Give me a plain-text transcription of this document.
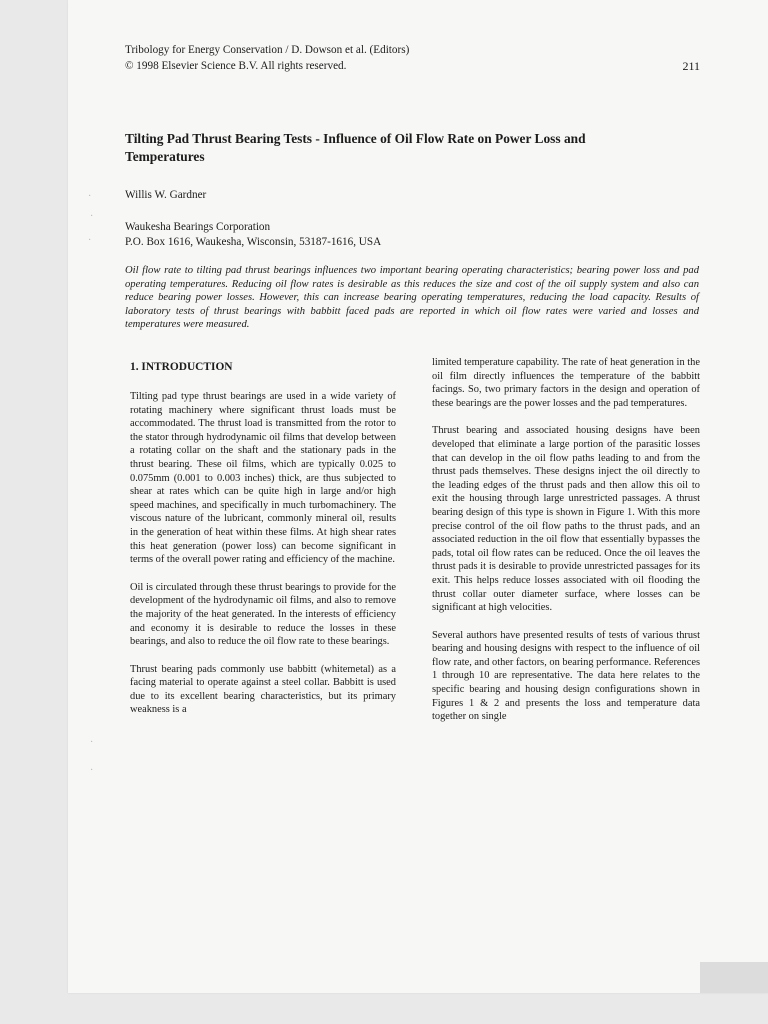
Tribology for Energy Conservation / D. Dowson et al. (Editors)
© 1998 Elsevier Science B.V. All rights reserved.	211
Tilting Pad Thrust Bearing Tests - Influence of Oil Flow Rate on Power Loss and Temperatures
Willis W. Gardner
Waukesha Bearings Corporation
P.O. Box 1616, Waukesha, Wisconsin, 53187-1616, USA

Oil flow rate to tilting pad thrust bearings influences two important bearing operating characteristics; bearing power loss and pad operating temperatures. Reducing oil flow rates is desirable as this reduces the size and cost of the oil supply system and also can reduce bearing power losses. However, this can increase bearing operating temperatures, reducing the load capacity. Results of laboratory tests of thrust bearings with babbitt faced pads are reported in which oil flow rates were varied and losses and temperatures were measured.

1. INTRODUCTION

Tilting pad type thrust bearings are used in a wide variety of rotating machinery where significant thrust loads must be accommodated. The thrust load is transmitted from the rotor to the stator through hydrodynamic oil films that develop between a rotating collar on the shaft and the stationary pads in the thrust bearing. These oil films, which are typically 0.025 to 0.075mm (0.001 to 0.003 inches) thick, are thus subjected to shear at rates which can be quite high in large and/or high speed machines, and specifically in much turbomachinery. The viscous nature of the lubricant, commonly mineral oil, results in the generation of heat within these films. At high shear rates this heat generation (power loss) can become significant in terms of the overall power rating and efficiency of the machine.

Oil is circulated through these thrust bearings to provide for the development of the hydrodynamic oil films, and also to remove the majority of the heat generated. In the interests of efficiency and economy it is desirable to reduce the losses in these bearings, and also to reduce the oil flow rate to these bearings.

Thrust bearing pads commonly use babbitt (whitemetal) as a facing material to operate against a steel collar. Babbitt is used due to its excellent bearing characteristics, but its primary weakness is a

limited temperature capability. The rate of heat generation in the oil film directly influences the temperature of the babbitt facings. So, two primary factors in the design and operation of these bearings are the power losses and the pad temperatures.

Thrust bearing and associated housing designs have been developed that eliminate a large portion of the parasitic losses that can develop in the oil flow paths leading to and from the thrust pads themselves. These designs inject the oil directly to the leading edges of the thrust pads and then allow this oil to exit the housing through large unrestricted passages. A thrust bearing design of this type is shown in Figure 1. With this more precise control of the oil flow paths to the thrust pads, and an associated reduction in the oil flow that essentially bypasses the pads, total oil flow rates can be reduced. Once the oil leaves the thrust pads it is desirable to provide unrestricted passages for its exit. This helps reduce losses associated with oil flooding the thrust collar outer diameter surface, where losses can be significant at high velocities.

Several authors have presented results of tests of various thrust bearing and housing designs with respect to the influence of oil flow rate, and other factors, on bearing performance. References 1 through 10 are representative. The data here relates to the specific bearing and housing design configurations shown in Figures 1 & 2 and presents the loss and temperature data together on single

·
·
·
·
·
